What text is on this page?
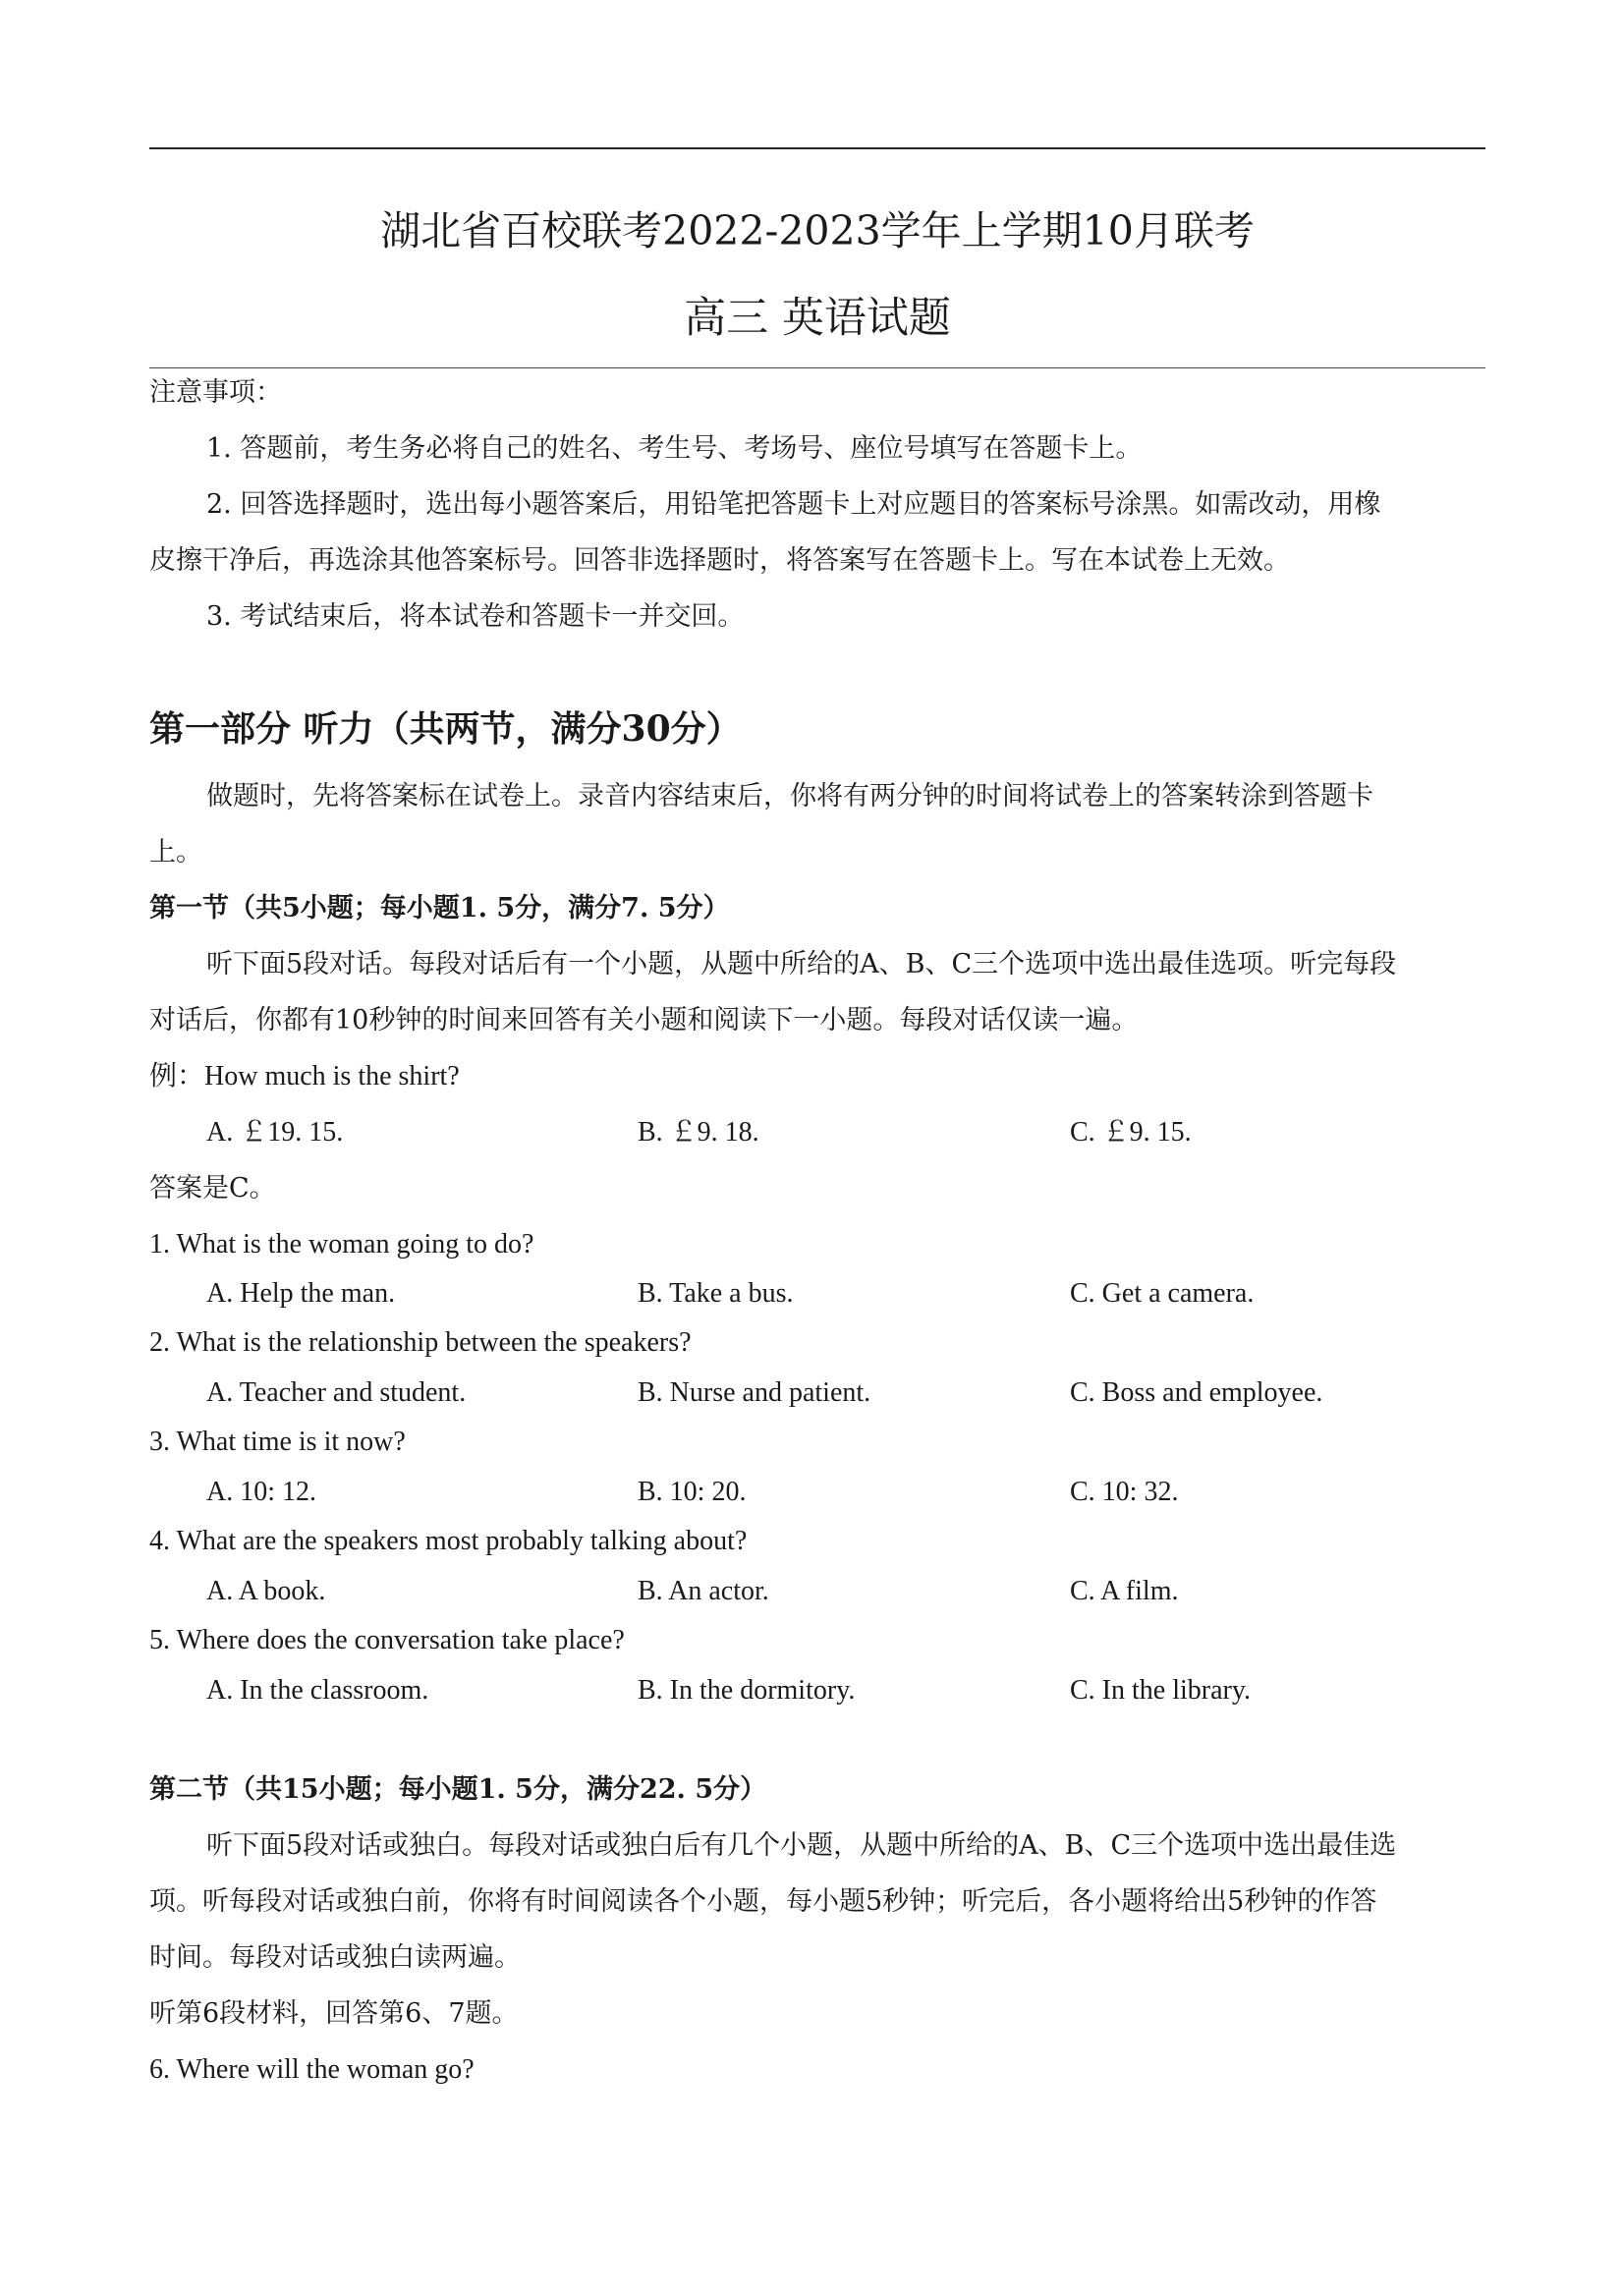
湖北省百校联考2022-2023学年上学期10月联考
高三 英语试题
注意事项：
1. 答题前，考生务必将自己的姓名、考生号、考场号、座位号填写在答题卡上。
2. 回答选择题时，选出每小题答案后，用铅笔把答题卡上对应题目的答案标号涂黑。如需改动，用橡
皮擦干净后，再选涂其他答案标号。回答非选择题时，将答案写在答题卡上。写在本试卷上无效。
3. 考试结束后，将本试卷和答题卡一并交回。
第一部分 听力（共两节，满分30分）
做题时，先将答案标在试卷上。录音内容结束后，你将有两分钟的时间将试卷上的答案转涂到答题卡
上。
第一节（共5小题；每小题1. 5分，满分7. 5分）
听下面5段对话。每段对话后有一个小题，从题中所给的A、B、C三个选项中选出最佳选项。听完每段
对话后，你都有10秒钟的时间来回答有关小题和阅读下一小题。每段对话仅读一遍。
例：How much is the shirt?
A. ￡19. 15.	B. ￡9. 18.	C. ￡9. 15.
答案是C。
1. What is the woman going to do?
A. Help the man.	B. Take a bus.	C. Get a camera.
2. What is the relationship between the speakers?
A. Teacher and student.	B. Nurse and patient.	C. Boss and employee.
3. What time is it now?
A. 10: 12.	B. 10: 20.	C. 10: 32.
4. What are the speakers most probably talking about?
A. A book.	B. An actor.	C. A film.
5. Where does the conversation take place?
A. In the classroom.	B. In the dormitory.	C. In the library.
第二节（共15小题；每小题1. 5分，满分22. 5分）
听下面5段对话或独白。每段对话或独白后有几个小题，从题中所给的A、B、C三个选项中选出最佳选
项。听每段对话或独白前，你将有时间阅读各个小题，每小题5秒钟；听完后，各小题将给出5秒钟的作答
时间。每段对话或独白读两遍。
听第6段材料，回答第6、7题。
6. Where will the woman go?
